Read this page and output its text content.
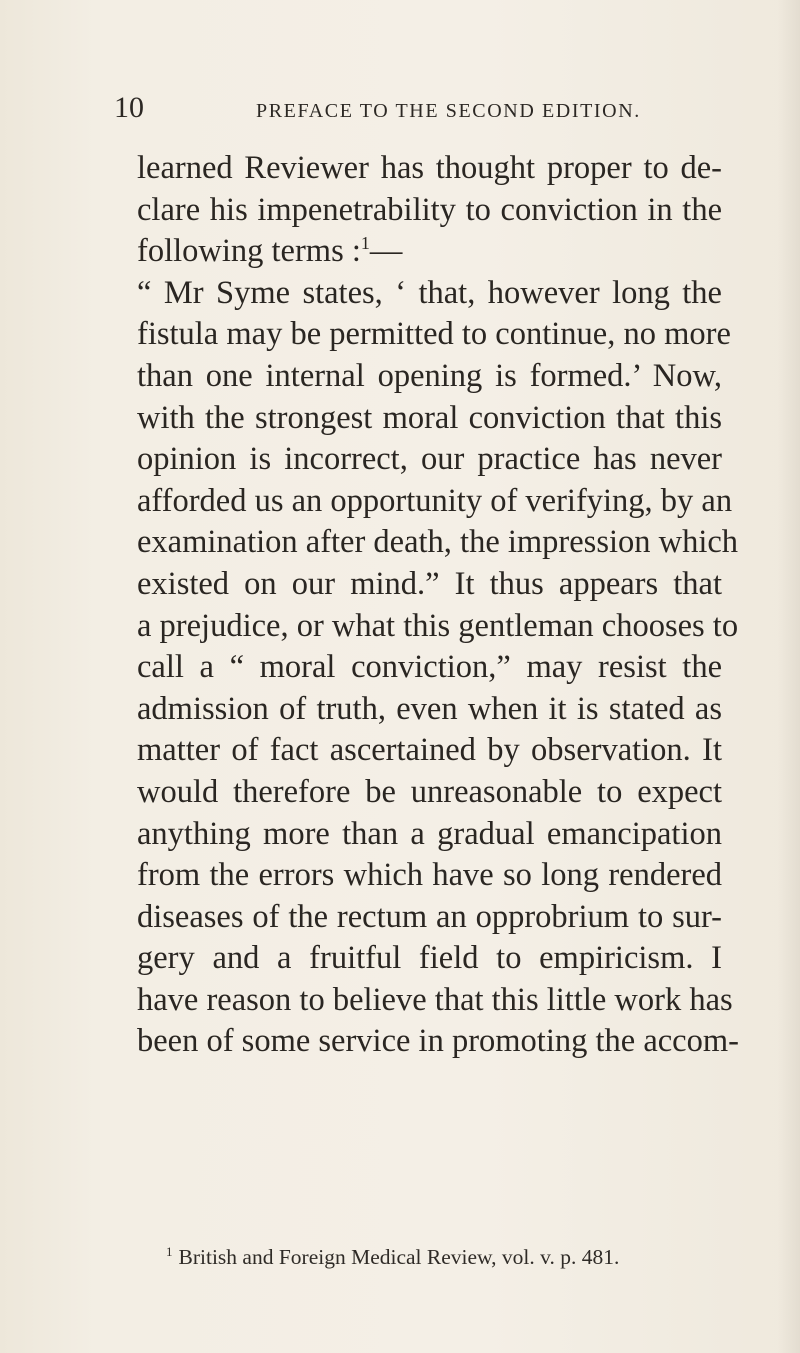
10	PREFACE TO THE SECOND EDITION.
learned Reviewer has thought proper to de-
clare his impenetrability to conviction in the
following terms :$^1$—
“ Mr Syme states, ‘ that, however long the
fistula may be permitted to continue, no more
than one internal opening is formed.’ Now,
with the strongest moral conviction that this
opinion is incorrect, our practice has never
afforded us an opportunity of verifying, by an
examination after death, the impression which
existed on our mind.” It thus appears that
a prejudice, or what this gentleman chooses to
call a “ moral conviction,” may resist the
admission of truth, even when it is stated as
matter of fact ascertained by observation. It
would therefore be unreasonable to expect
anything more than a gradual emancipation
from the errors which have so long rendered
diseases of the rectum an opprobrium to sur-
gery and a fruitful field to empiricism. I
have reason to believe that this little work has
been of some service in promoting the accom-
$^1$ British and Foreign Medical Review, vol. v. p. 481.
